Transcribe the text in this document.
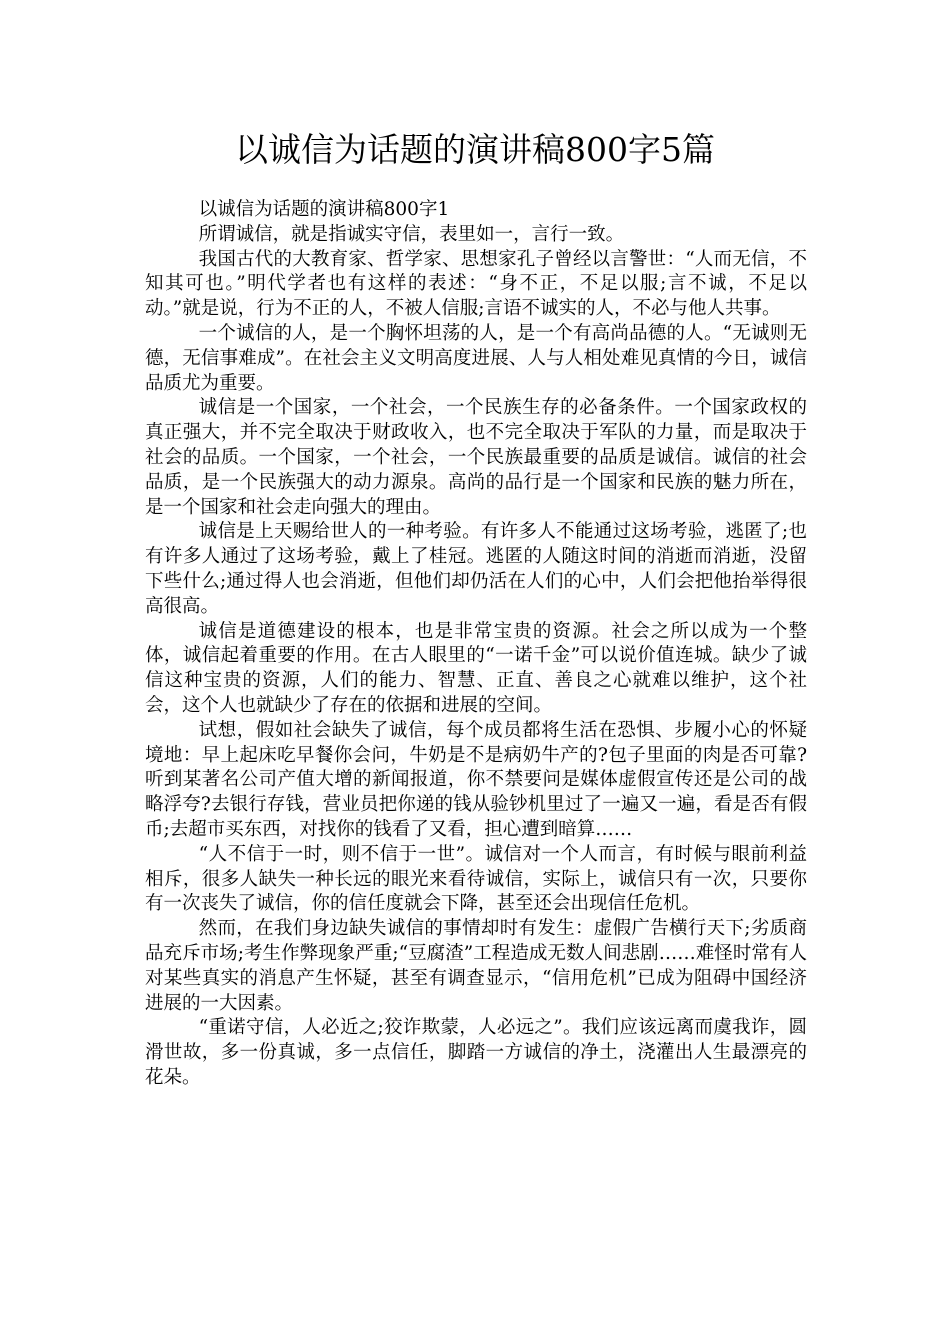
以诚信为话题的演讲稿800字5篇

以诚信为话题的演讲稿800字1

所谓诚信，就是指诚实守信，表里如一，言行一致。

我国古代的大教育家、哲学家、思想家孔子曾经以言警世：“人而无信，不知其可也。”明代学者也有这样的表述：“身不正，不足以服;言不诚，不足以动。”就是说，行为不正的人，不被人信服;言语不诚实的人，不必与他人共事。

一个诚信的人，是一个胸怀坦荡的人，是一个有高尚品德的人。“无诚则无德，无信事难成”。在社会主义文明高度进展、人与人相处难见真情的今日，诚信品质尤为重要。

诚信是一个国家，一个社会，一个民族生存的必备条件。一个国家政权的真正强大，并不完全取决于财政收入，也不完全取决于军队的力量，而是取决于社会的品质。一个国家，一个社会，一个民族最重要的品质是诚信。诚信的社会品质，是一个民族强大的动力源泉。高尚的品行是一个国家和民族的魅力所在，是一个国家和社会走向强大的理由。

诚信是上天赐给世人的一种考验。有许多人不能通过这场考验，逃匿了;也有许多人通过了这场考验，戴上了桂冠。逃匿的人随这时间的消逝而消逝，没留下些什么;通过得人也会消逝，但他们却仍活在人们的心中，人们会把他抬举得很高很高。

诚信是道德建设的根本，也是非常宝贵的资源。社会之所以成为一个整体，诚信起着重要的作用。在古人眼里的“一诺千金”可以说价值连城。缺少了诚信这种宝贵的资源，人们的能力、智慧、正直、善良之心就难以维护，这个社会，这个人也就缺少了存在的依据和进展的空间。

试想，假如社会缺失了诚信，每个成员都将生活在恐惧、步履小心的怀疑境地：早上起床吃早餐你会问，牛奶是不是病奶牛产的?包子里面的肉是否可靠?听到某著名公司产值大增的新闻报道，你不禁要问是媒体虚假宣传还是公司的战略浮夸?去银行存钱，营业员把你递的钱从验钞机里过了一遍又一遍，看是否有假币;去超市买东西，对找你的钱看了又看，担心遭到暗算……

“人不信于一时，则不信于一世”。诚信对一个人而言，有时候与眼前利益相斥，很多人缺失一种长远的眼光来看待诚信，实际上，诚信只有一次，只要你有一次丧失了诚信，你的信任度就会下降，甚至还会出现信任危机。

然而，在我们身边缺失诚信的事情却时有发生：虚假广告横行天下;劣质商品充斥市场;考生作弊现象严重;“豆腐渣”工程造成无数人间悲剧……难怪时常有人对某些真实的消息产生怀疑，甚至有调查显示，“信用危机”已成为阻碍中国经济进展的一大因素。

“重诺守信，人必近之;狡诈欺蒙，人必远之”。我们应该远离而虞我诈，圆滑世故，多一份真诚，多一点信任，脚踏一方诚信的净土，浇灌出人生最漂亮的花朵。
